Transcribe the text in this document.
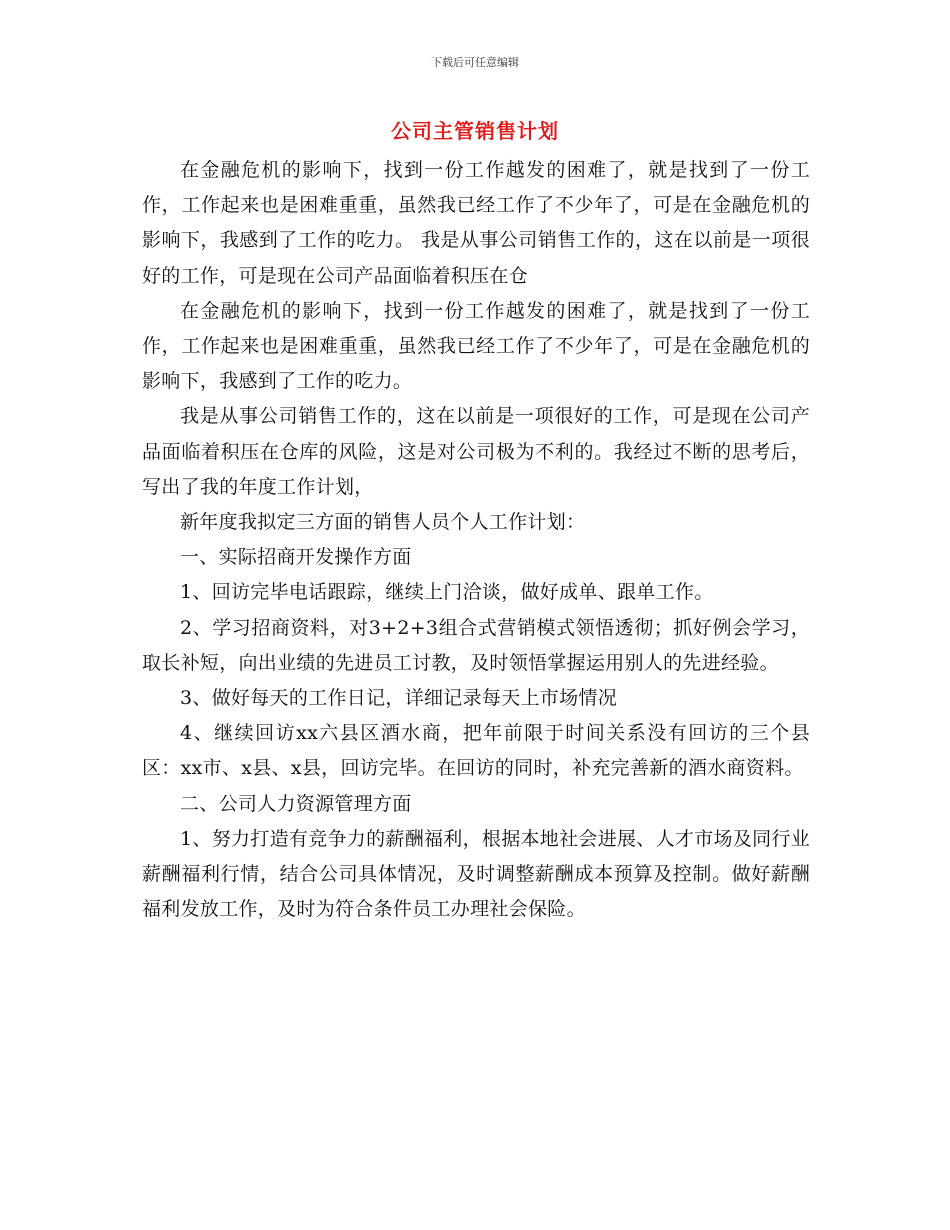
下载后可任意编辑
公司主管销售计划

在金融危机的影响下，找到一份工作越发的困难了，就是找到了一份工作，工作起来也是困难重重，虽然我已经工作了不少年了，可是在金融危机的影响下，我感到了工作的吃力。 我是从事公司销售工作的，这在以前是一项很好的工作，可是现在公司产品面临着积压在仓

在金融危机的影响下，找到一份工作越发的困难了，就是找到了一份工作，工作起来也是困难重重，虽然我已经工作了不少年了，可是在金融危机的影响下，我感到了工作的吃力。

我是从事公司销售工作的，这在以前是一项很好的工作，可是现在公司产品面临着积压在仓库的风险，这是对公司极为不利的。我经过不断的思考后，写出了我的年度工作计划，

新年度我拟定三方面的销售人员个人工作计划：

一、实际招商开发操作方面

1、回访完毕电话跟踪，继续上门洽谈，做好成单、跟单工作。

2、学习招商资料，对3+2+3组合式营销模式领悟透彻；抓好例会学习，取长补短，向出业绩的先进员工讨教，及时领悟掌握运用别人的先进经验。

3、做好每天的工作日记，详细记录每天上市场情况

4、继续回访xx六县区酒水商，把年前限于时间关系没有回访的三个县区：xx市、x县、x县，回访完毕。在回访的同时，补充完善新的酒水商资料。

二、公司人力资源管理方面

1、努力打造有竞争力的薪酬福利，根据本地社会进展、人才市场及同行业薪酬福利行情，结合公司具体情况，及时调整薪酬成本预算及控制。做好薪酬福利发放工作，及时为符合条件员工办理社会保险。
